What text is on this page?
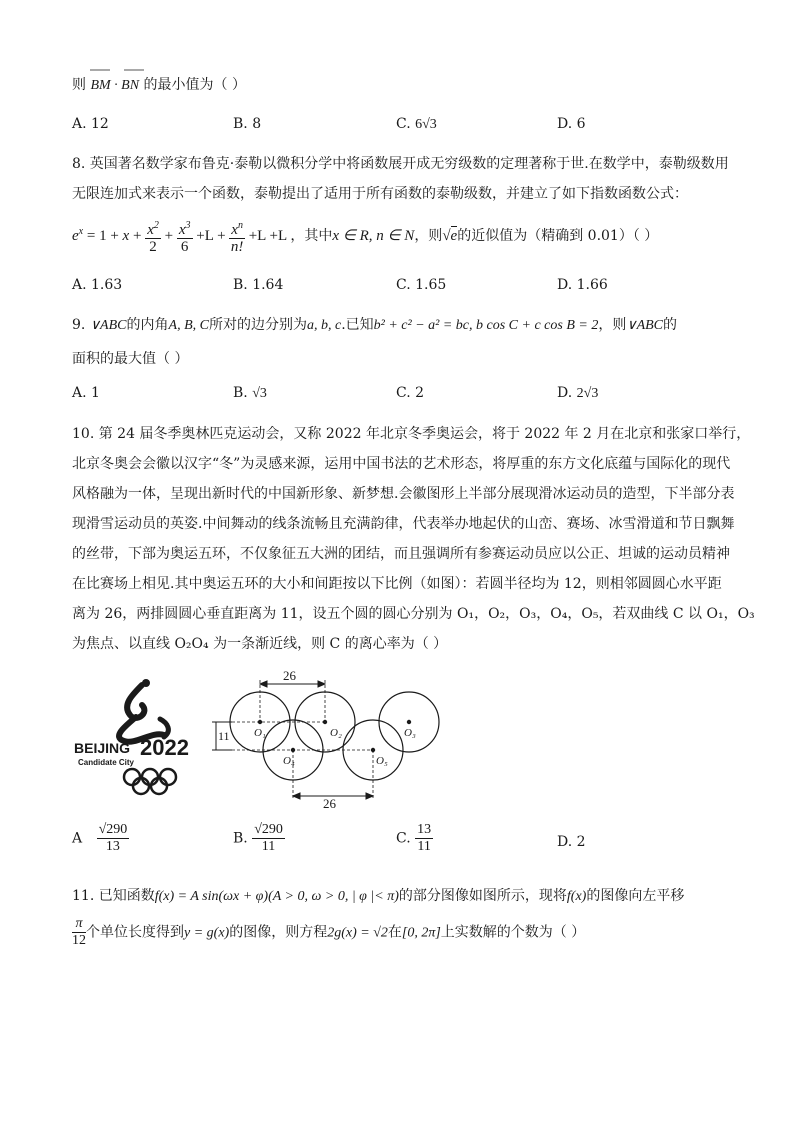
则 BM · BN 的最小值为（ ）
A. 12	B. 8	C. 6√3	D. 6
8. 英国著名数学家布鲁克·泰勒以微积分学中将函数展开成无穷级数的定理著称于世.在数学中，泰勒级数用
无限连加式来表示一个函数，泰勒提出了适用于所有函数的泰勒级数，并建立了如下指数函数公式：
$e^x = 1 + x + \frac{x^2}{2} + \frac{x^3}{6} +L + \frac{x^n}{n!} +L +L$ ，其中x ∈ R, n ∈ N，则√e的近似值为（精确到 0.01）（ ）
A. 1.63	B. 1.64	C. 1.65	D. 1.66
9. ∨ABC的内角A, B, C所对的边分别为a, b, c.已知b² + c² − a² = bc, b cos C + c cos B = 2，则∨ABC的
面积的最大值（ ）
A. 1	B. √3	C. 2	D. 2√3
10. 第 24 届冬季奥林匹克运动会，又称 2022 年北京冬季奥运会，将于 2022 年 2 月在北京和张家口举行，
北京冬奥会会徽以汉字“冬”为灵感来源，运用中国书法的艺术形态，将厚重的东方文化底蕴与国际化的现代
风格融为一体，呈现出新时代的中国新形象、新梦想.会徽图形上半部分展现滑冰运动员的造型，下半部分表
现滑雪运动员的英姿.中间舞动的线条流畅且充满韵律，代表举办地起伏的山峦、赛场、冰雪滑道和节日飘舞
的丝带，下部为奥运五环，不仅象征五大洲的团结，而且强调所有参赛运动员应以公正、坦诚的运动员精神
在比赛场上相见.其中奥运五环的大小和间距按以下比例（如图）：若圆半径均为 12，则相邻圆圆心水平距
离为 26，两排圆圆心垂直距离为 11，设五个圆的圆心分别为 O₁，O₂，O₃，O₄，O₅，若双曲线 C 以 O₁，O₃
为焦点、以直线 O₂O₄ 为一条渐近线，则 C 的离心率为（ ）
BEIJING 2022
Candidate City
26
26
11 O₁	O₂	O₃
O₄	O₅
A $\frac{√290}{13}$	B. $\frac{√290}{11}$	C. $\frac{13}{11}$	D. 2
11. 已知函数f(x) = A sin(ωx + φ)(A > 0, ω > 0, | φ |< π)的部分图像如图所示，现将f(x)的图像向左平移
$\frac{\pi}{12}$ 个单位长度得到y = g(x)的图像，则方程2g(x) = √2在[0, 2π]上实数解的个数为（ ）
